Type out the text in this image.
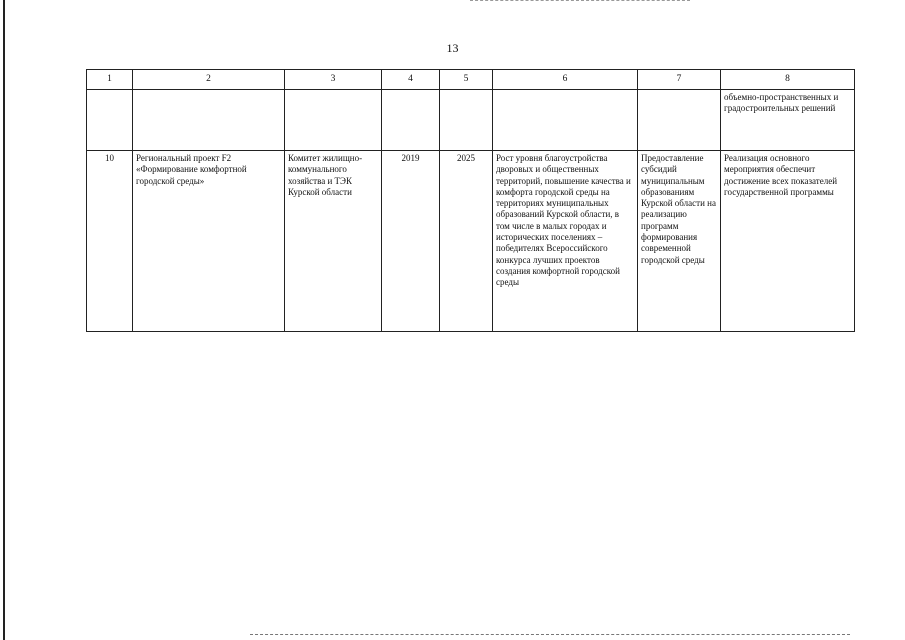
13
1	2	3	4	5	6	7	8
							объемно-пространственных и градостроительных решений
10	Региональный проект F2 «Формирование комфортной городской среды»	Комитет жилищно-коммунального хозяйства и ТЭК Курской области	2019	2025	Рост уровня благоустройства дворовых и общественных территорий, повышение качества и комфорта городской среды на территориях муниципальных образований Курской области, в том числе в малых городах и исторических поселениях – победителях Всероссийского конкурса лучших проектов создания комфортной городской среды	Предоставление субсидий муниципальным образованиям Курской области на реализацию программ формирования современной городской среды	Реализация основного мероприятия обеспечит достижение всех показателей государственной программы
